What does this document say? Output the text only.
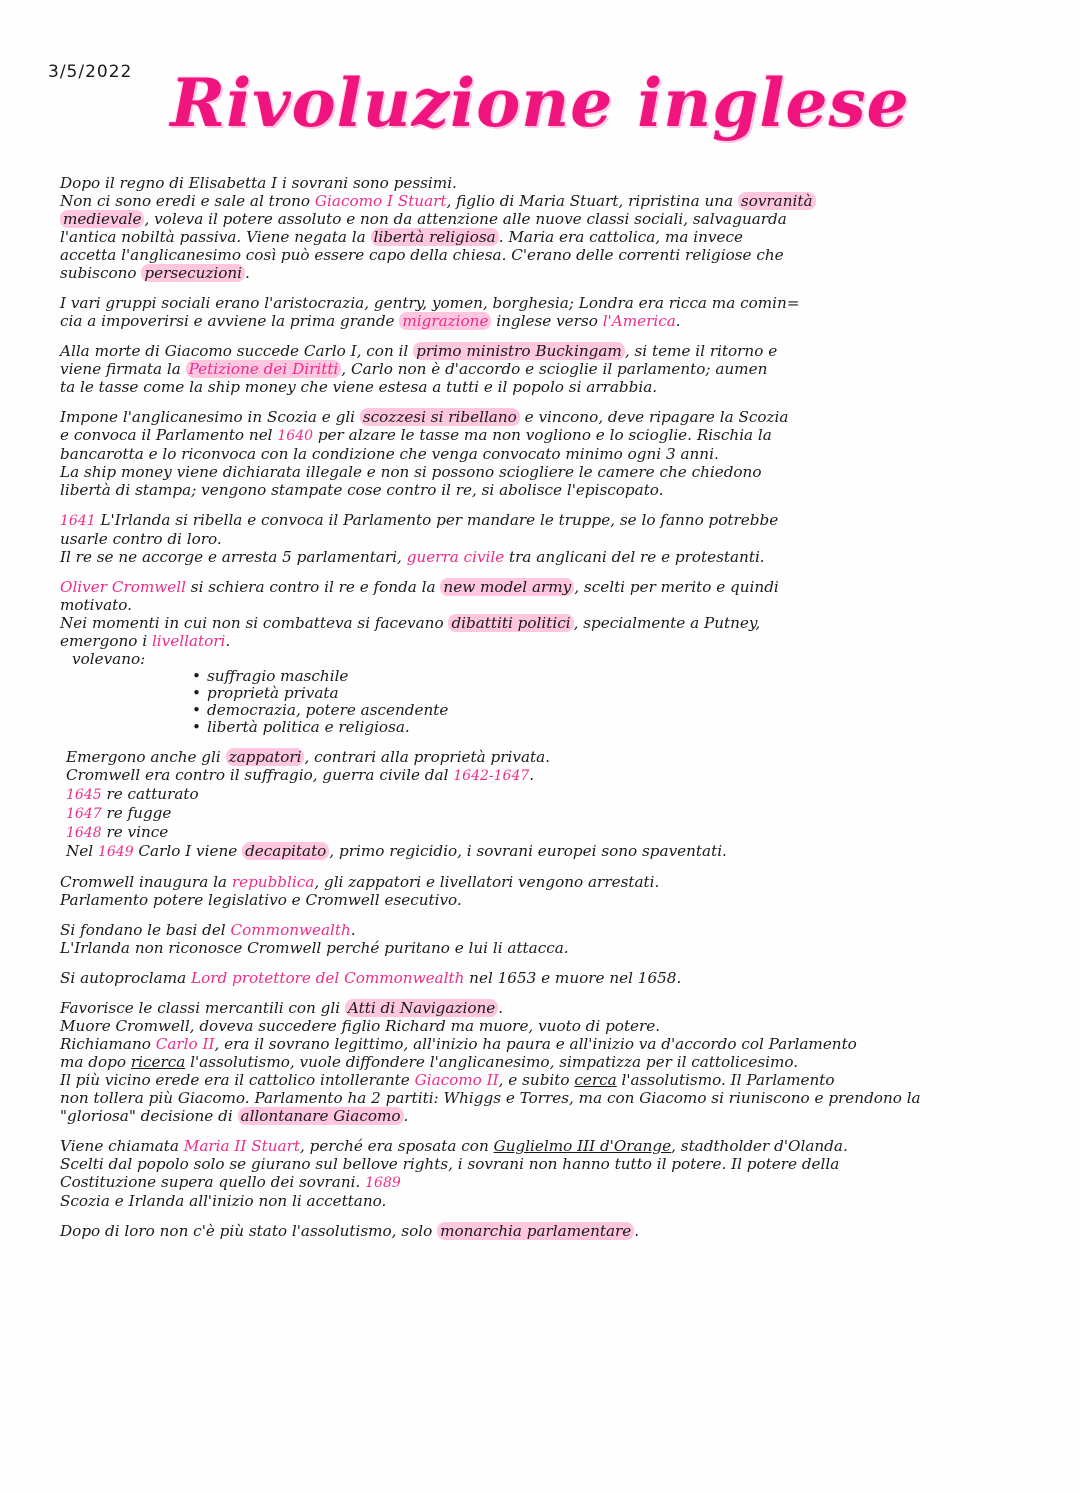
3/5/2022 Rivoluzione inglese
Dopo il regno di Elisabetta I i sovrani sono pessimi.
Non ci sono eredi e sale al trono Giacomo I Stuart, figlio di Maria Stuart, ripristina una sovranità
medievale , voleva il potere assoluto e non da attenzione alle nuove classi sociali, salvaguarda
l'antica nobiltà passiva. Viene negata la libertà religiosa . Maria era cattolica, ma invece
accetta l'anglicanesimo così può essere capo della chiesa. C'erano delle correnti religiose che
subiscono persecuzioni .
I vari gruppi sociali erano l'aristocrazia, gentry, yomen, borghesia; Londra era ricca ma comin=
cia a impoverirsi e avviene la prima grande migrazione inglese verso l'America.
Alla morte di Giacomo succede Carlo I, con il primo ministro Buckingam , si teme il ritorno e
viene firmata la Petizione dei Diritti , Carlo non è d'accordo e scioglie il parlamento; aumen
ta le tasse come la ship money che viene estesa a tutti e il popolo si arrabbia.
Impone l'anglicanesimo in Scozia e gli scozzesi si ribellano e vincono, deve ripagare la Scozia
e convoca il Parlamento nel 1640 per alzare le tasse ma non vogliono e lo scioglie. Rischia la
bancarotta e lo riconvoca con la condizione che venga convocato minimo ogni 3 anni.
La ship money viene dichiarata illegale e non si possono sciogliere le camere che chiedono
libertà di stampa; vengono stampate cose contro il re, si abolisce l'episcopato.
1641 L'Irlanda si ribella e convoca il Parlamento per mandare le truppe, se lo fanno potrebbe
usarle contro di loro.
Il re se ne accorge e arresta 5 parlamentari, guerra civile tra anglicani del re e protestanti.
Oliver Cromwell si schiera contro il re e fonda la new model army , scelti per merito e quindi
motivato.
Nei momenti in cui non si combatteva si facevano dibattiti politici , specialmente a Putney,
emergono i livellatori.
volevano:
• suffragio maschile
• proprietà privata
• democrazia, potere ascendente
• libertà politica e religiosa.
Emergono anche gli zappatori , contrari alla proprietà privata.
Cromwell era contro il suffragio, guerra civile dal 1642-1647.
1645 re catturato
1647 re fugge
1648 re vince
Nel 1649 Carlo I viene decapitato , primo regicidio, i sovrani europei sono spaventati.
Cromwell inaugura la repubblica, gli zappatori e livellatori vengono arrestati.
Parlamento potere legislativo e Cromwell esecutivo.
Si fondano le basi del Commonwealth.
L'Irlanda non riconosce Cromwell perché puritano e lui li attacca.
Si autoproclama Lord protettore del Commonwealth nel 1653 e muore nel 1658.
Favorisce le classi mercantili con gli Atti di Navigazione .
Muore Cromwell, doveva succedere figlio Richard ma muore, vuoto di potere.
Richiamano Carlo II, era il sovrano legittimo, all'inizio ha paura e all'inizio va d'accordo col Parlamento
ma dopo ricerca l'assolutismo, vuole diffondere l'anglicanesimo, simpatizza per il cattolicesimo.
Il più vicino erede era il cattolico intollerante Giacomo II, e subito cerca l'assolutismo. Il Parlamento
non tollera più Giacomo. Parlamento ha 2 partiti: Whiggs e Torres, ma con Giacomo si riuniscono e prendono la
"gloriosa" decisione di allontanare Giacomo .
Viene chiamata Maria II Stuart, perché era sposata con Guglielmo III d'Orange, stadtholder d'Olanda.
Scelti dal popolo solo se giurano sul bellove rights, i sovrani non hanno tutto il potere. Il potere della
Costituzione supera quello dei sovrani. 1689
Scozia e Irlanda all'inizio non li accettano.
Dopo di loro non c'è più stato l'assolutismo, solo monarchia parlamentare .
